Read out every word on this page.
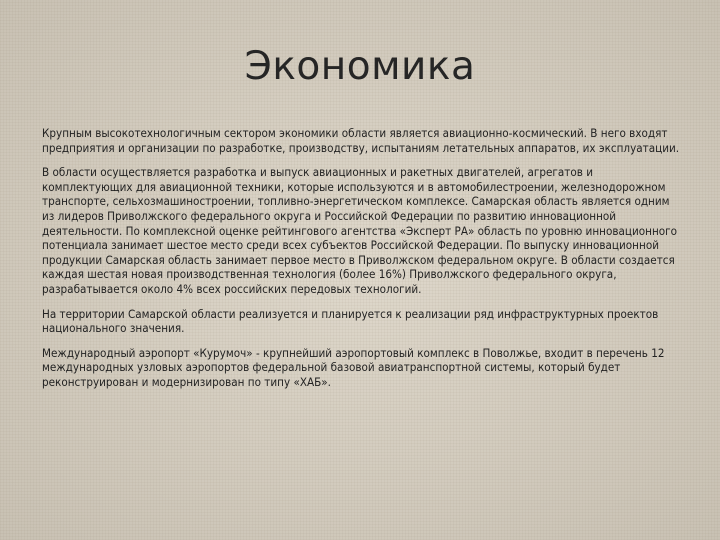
Экономика

Крупным высокотехнологичным сектором экономики области является авиационно-космический. В него входят предприятия и организации по разработке, производству, испытаниям летательных аппаратов, их эксплуатации.

В области осуществляется разработка и выпуск авиационных и ракетных двигателей, агрегатов и комплектующих для авиационной техники, которые используются и в автомобилестроении, железнодорожном транспорте, сельхозмашиностроении, топливно-энергетическом комплексе. Самарская область является одним из лидеров Приволжского федерального округа и Российской Федерации по развитию инновационной деятельности. По комплексной оценке рейтингового агентства «Эксперт РА» область по уровню инновационного потенциала занимает шестое место среди всех субъектов Российской Федерации. По выпуску инновационной продукции Самарская область занимает первое место в Приволжском федеральном округе. В области создается каждая шестая новая производственная технология (более 16%) Приволжского федерального округа, разрабатывается около 4% всех российских передовых технологий.

На территории Самарской области реализуется и планируется к реализации ряд инфраструктурных проектов национального значения.

Международный аэропорт «Курумоч» - крупнейший аэропортовый комплекс в Поволжье, входит в перечень 12 международных узловых аэропортов федеральной базовой авиатранспортной системы, который будет реконструирован и модернизирован по типу «ХАБ».
